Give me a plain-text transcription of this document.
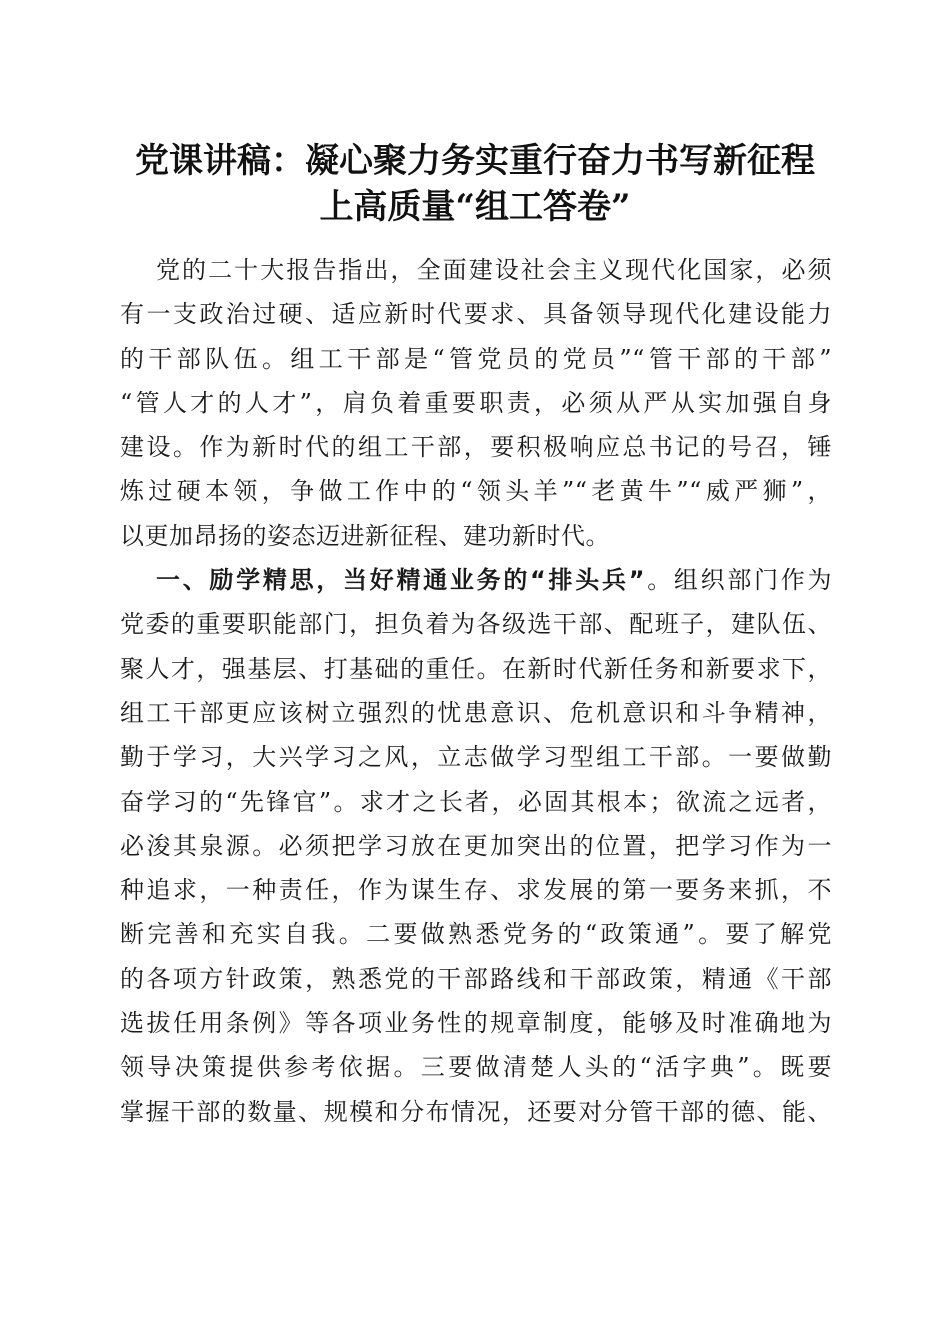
党课讲稿：凝心聚力务实重行奋力书写新征程
上高质量“组工答卷”
党的二十大报告指出，全面建设社会主义现代化国家，必须
有一支政治过硬、适应新时代要求、具备领导现代化建设能力
的干部队伍。组工干部是“管党员的党员”“管干部的干部”
“管人才的人才”，肩负着重要职责，必须从严从实加强自身
建设。作为新时代的组工干部，要积极响应总书记的号召，锤
炼过硬本领，争做工作中的“领头羊”“老黄牛”“威严狮”，
以更加昂扬的姿态迈进新征程、建功新时代。
一、励学精思，当好精通业务的“排头兵”。组织部门作为
党委的重要职能部门，担负着为各级选干部、配班子，建队伍、
聚人才，强基层、打基础的重任。在新时代新任务和新要求下，
组工干部更应该树立强烈的忧患意识、危机意识和斗争精神，
勤于学习，大兴学习之风，立志做学习型组工干部。一要做勤
奋学习的“先锋官”。求才之长者，必固其根本；欲流之远者，
必浚其泉源。必须把学习放在更加突出的位置，把学习作为一
种追求，一种责任，作为谋生存、求发展的第一要务来抓，不
断完善和充实自我。二要做熟悉党务的“政策通”。要了解党
的各项方针政策，熟悉党的干部路线和干部政策，精通《干部
选拔任用条例》等各项业务性的规章制度，能够及时准确地为
领导决策提供参考依据。三要做清楚人头的“活字典”。既要
掌握干部的数量、规模和分布情况，还要对分管干部的德、能、
